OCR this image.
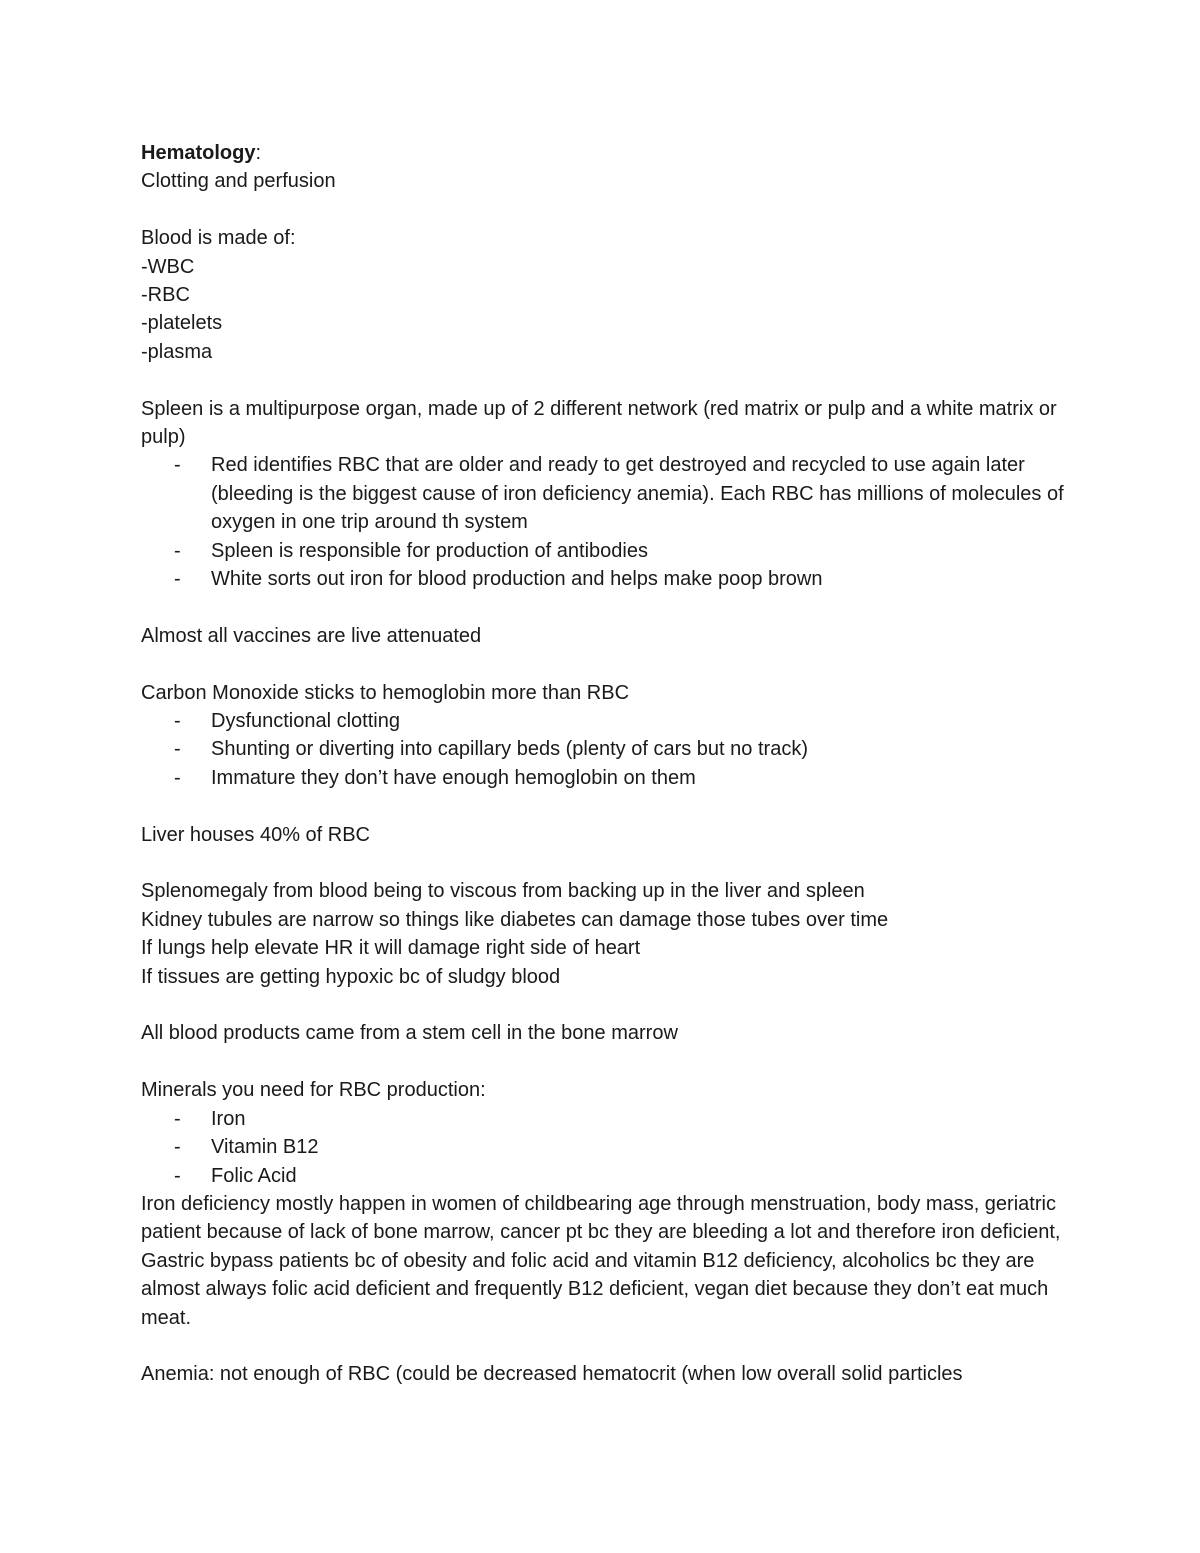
Hematology:

Clotting and perfusion

Blood is made of:

-WBC

-RBC

-platelets

-plasma

Spleen is a multipurpose organ, made up of 2 different network (red matrix or pulp and a white matrix or pulp)

- Red identifies RBC that are older and ready to get destroyed and recycled to use again later (bleeding is the biggest cause of iron deficiency anemia). Each RBC has millions of molecules of oxygen in one trip around th system
- Spleen is responsible for production of antibodies
- White sorts out iron for blood production and helps make poop brown

Almost all vaccines are live attenuated

Carbon Monoxide sticks to hemoglobin more than RBC

- Dysfunctional clotting
- Shunting or diverting into capillary beds (plenty of cars but no track)
- Immature they don’t have enough hemoglobin on them

Liver houses 40% of RBC

Splenomegaly from blood being to viscous from backing up in the liver and spleen

Kidney tubules are narrow so things like diabetes can damage those tubes over time

If lungs help elevate HR it will damage right side of heart

If tissues are getting hypoxic bc of sludgy blood

All blood products came from a stem cell in the bone marrow

Minerals you need for RBC production:

- Iron
- Vitamin B12
- Folic Acid

Iron deficiency mostly happen in women of childbearing age through menstruation, body mass, geriatric patient because of lack of bone marrow, cancer pt bc they are bleeding a lot and therefore iron deficient, Gastric bypass patients bc of obesity and folic acid and vitamin B12 deficiency, alcoholics bc they are almost always folic acid deficient and frequently B12 deficient, vegan diet because they don’t eat much meat.

Anemia: not enough of RBC (could be decreased hematocrit (when low overall solid particles
